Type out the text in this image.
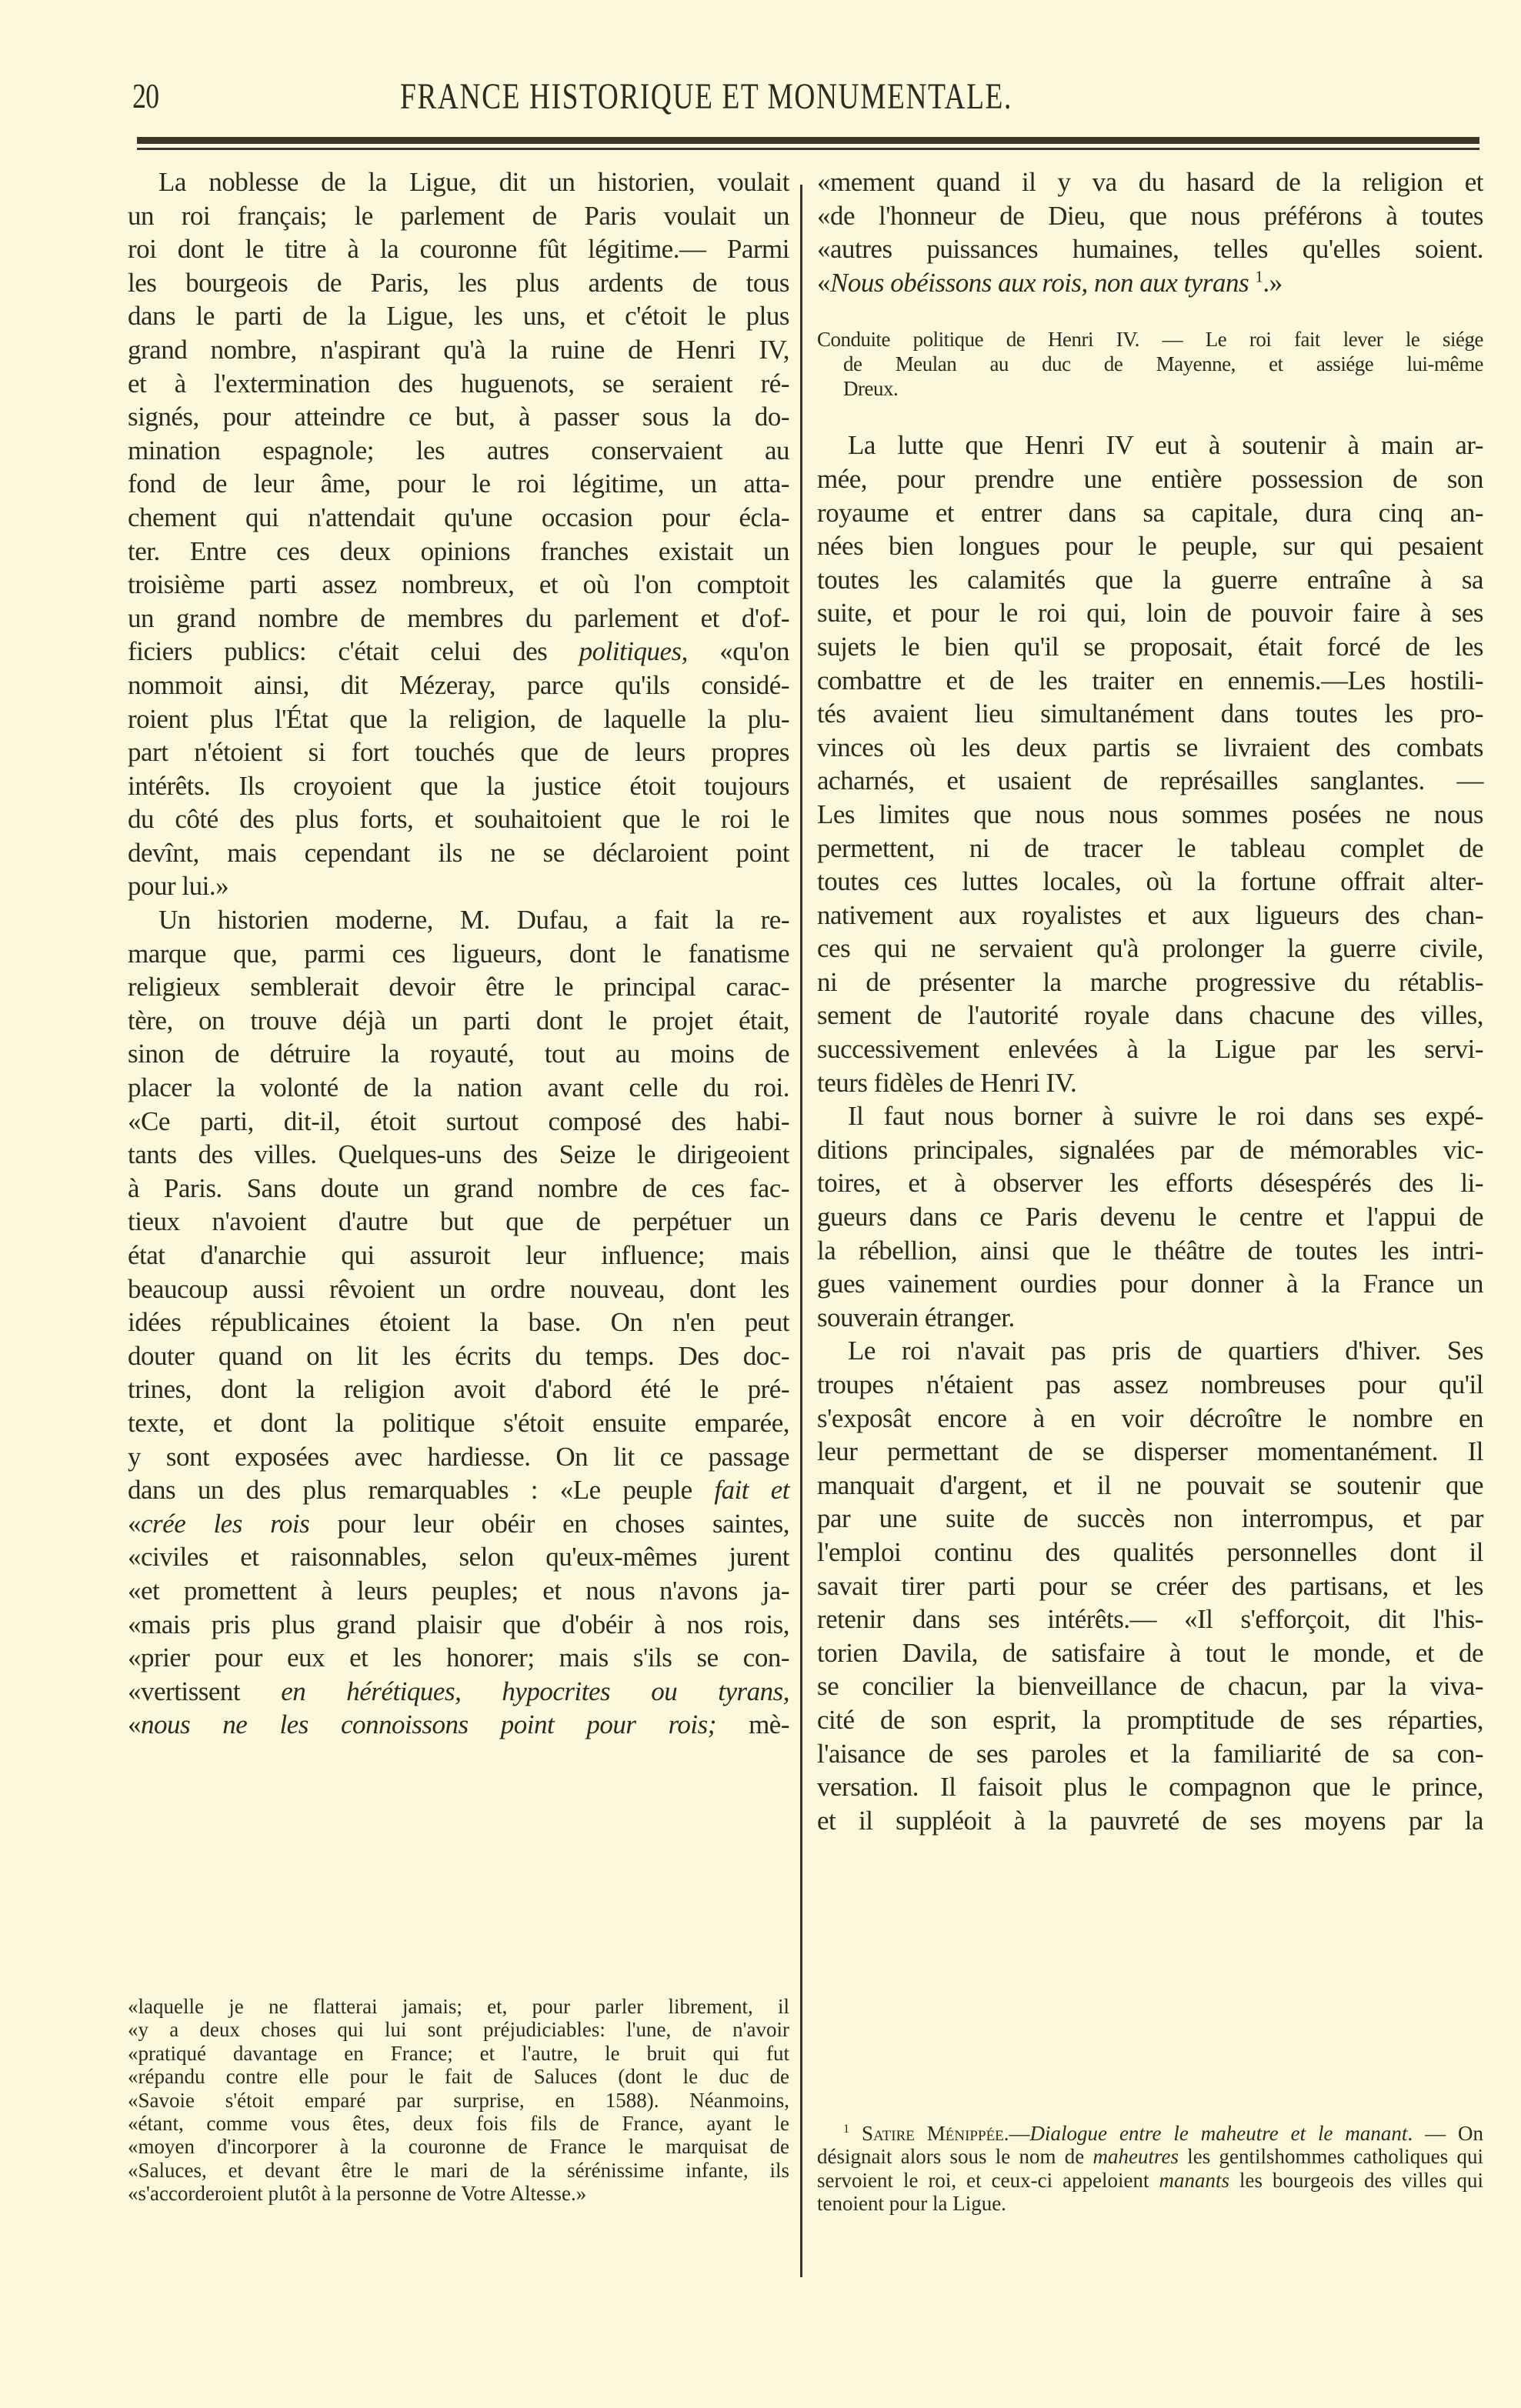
20	FRANCE HISTORIQUE ET MONUMENTALE.
La noblesse de la Ligue, dit un historien, voulait
un roi français; le parlement de Paris voulait un
roi dont le titre à la couronne fût légitime.— Parmi
les bourgeois de Paris, les plus ardents de tous
dans le parti de la Ligue, les uns, et c'étoit le plus
grand nombre, n'aspirant qu'à la ruine de Henri IV,
et à l'extermination des huguenots, se seraient ré-
signés, pour atteindre ce but, à passer sous la do-
mination espagnole; les autres conservaient au
fond de leur âme, pour le roi légitime, un atta-
chement qui n'attendait qu'une occasion pour écla-
ter. Entre ces deux opinions franches existait un
troisième parti assez nombreux, et où l'on comptoit
un grand nombre de membres du parlement et d'of-
ficiers publics: c'était celui des politiques, «qu'on
nommoit ainsi, dit Mézeray, parce qu'ils considé-
roient plus l'État que la religion, de laquelle la plu-
part n'étoient si fort touchés que de leurs propres
intérêts. Ils croyoient que la justice étoit toujours
du côté des plus forts, et souhaitoient que le roi le
devînt, mais cependant ils ne se déclaroient point
pour lui.»
Un historien moderne, M. Dufau, a fait la re-
marque que, parmi ces ligueurs, dont le fanatisme
religieux semblerait devoir être le principal carac-
tère, on trouve déjà un parti dont le projet était,
sinon de détruire la royauté, tout au moins de
placer la volonté de la nation avant celle du roi.
«Ce parti, dit-il, étoit surtout composé des habi-
tants des villes. Quelques-uns des Seize le dirigeoient
à Paris. Sans doute un grand nombre de ces fac-
tieux n'avoient d'autre but que de perpétuer un
état d'anarchie qui assuroit leur influence; mais
beaucoup aussi rêvoient un ordre nouveau, dont les
idées républicaines étoient la base. On n'en peut
douter quand on lit les écrits du temps. Des doc-
trines, dont la religion avoit d'abord été le pré-
texte, et dont la politique s'étoit ensuite emparée,
y sont exposées avec hardiesse. On lit ce passage
dans un des plus remarquables : «Le peuple fait et
«crée les rois pour leur obéir en choses saintes,
«civiles et raisonnables, selon qu'eux-mêmes jurent
«et promettent à leurs peuples; et nous n'avons ja-
«mais pris plus grand plaisir que d'obéir à nos rois,
«prier pour eux et les honorer; mais s'ils se con-
«vertissent en hérétiques, hypocrites ou tyrans,
«nous ne les connoissons point pour rois; mè-
«laquelle je ne flatterai jamais; et, pour parler librement, il
«y a deux choses qui lui sont préjudiciables: l'une, de n'avoir
«pratiqué davantage en France; et l'autre, le bruit qui fut
«répandu contre elle pour le fait de Saluces (dont le duc de
«Savoie s'étoit emparé par surprise, en 1588). Néanmoins,
«étant, comme vous êtes, deux fois fils de France, ayant le
«moyen d'incorporer à la couronne de France le marquisat de
«Saluces, et devant être le mari de la sérénissime infante, ils
«s'accorderoient plutôt à la personne de Votre Altesse.»
«mement quand il y va du hasard de la religion et
«de l'honneur de Dieu, que nous préférons à toutes
«autres puissances humaines, telles qu'elles soient.
«Nous obéissons aux rois, non aux tyrans $^1$.»
Conduite politique de Henri IV. — Le roi fait lever le siége
de Meulan au duc de Mayenne, et assiége lui-même
Dreux.
La lutte que Henri IV eut à soutenir à main ar-
mée, pour prendre une entière possession de son
royaume et entrer dans sa capitale, dura cinq an-
nées bien longues pour le peuple, sur qui pesaient
toutes les calamités que la guerre entraîne à sa
suite, et pour le roi qui, loin de pouvoir faire à ses
sujets le bien qu'il se proposait, était forcé de les
combattre et de les traiter en ennemis.—Les hostili-
tés avaient lieu simultanément dans toutes les pro-
vinces où les deux partis se livraient des combats
acharnés, et usaient de représailles sanglantes. —
Les limites que nous nous sommes posées ne nous
permettent, ni de tracer le tableau complet de
toutes ces luttes locales, où la fortune offrait alter-
nativement aux royalistes et aux ligueurs des chan-
ces qui ne servaient qu'à prolonger la guerre civile,
ni de présenter la marche progressive du rétablis-
sement de l'autorité royale dans chacune des villes,
successivement enlevées à la Ligue par les servi-
teurs fidèles de Henri IV.
Il faut nous borner à suivre le roi dans ses expé-
ditions principales, signalées par de mémorables vic-
toires, et à observer les efforts désespérés des li-
gueurs dans ce Paris devenu le centre et l'appui de
la rébellion, ainsi que le théâtre de toutes les intri-
gues vainement ourdies pour donner à la France un
souverain étranger.
Le roi n'avait pas pris de quartiers d'hiver. Ses
troupes n'étaient pas assez nombreuses pour qu'il
s'exposât encore à en voir décroître le nombre en
leur permettant de se disperser momentanément. Il
manquait d'argent, et il ne pouvait se soutenir que
par une suite de succès non interrompus, et par
l'emploi continu des qualités personnelles dont il
savait tirer parti pour se créer des partisans, et les
retenir dans ses intérêts.— «Il s'efforçoit, dit l'his-
torien Davila, de satisfaire à tout le monde, et de
se concilier la bienveillance de chacun, par la viva-
cité de son esprit, la promptitude de ses réparties,
l'aisance de ses paroles et la familiarité de sa con-
versation. Il faisoit plus le compagnon que le prince,
et il suppléoit à la pauvreté de ses moyens par la
$^1$ Satire Ménippée.—Dialogue entre le maheutre et le manant. — On désignait alors sous le nom de maheutres les gentilshommes catholiques qui servoient le roi, et ceux-ci appeloient manants les bourgeois des villes qui tenoient pour la Ligue.
